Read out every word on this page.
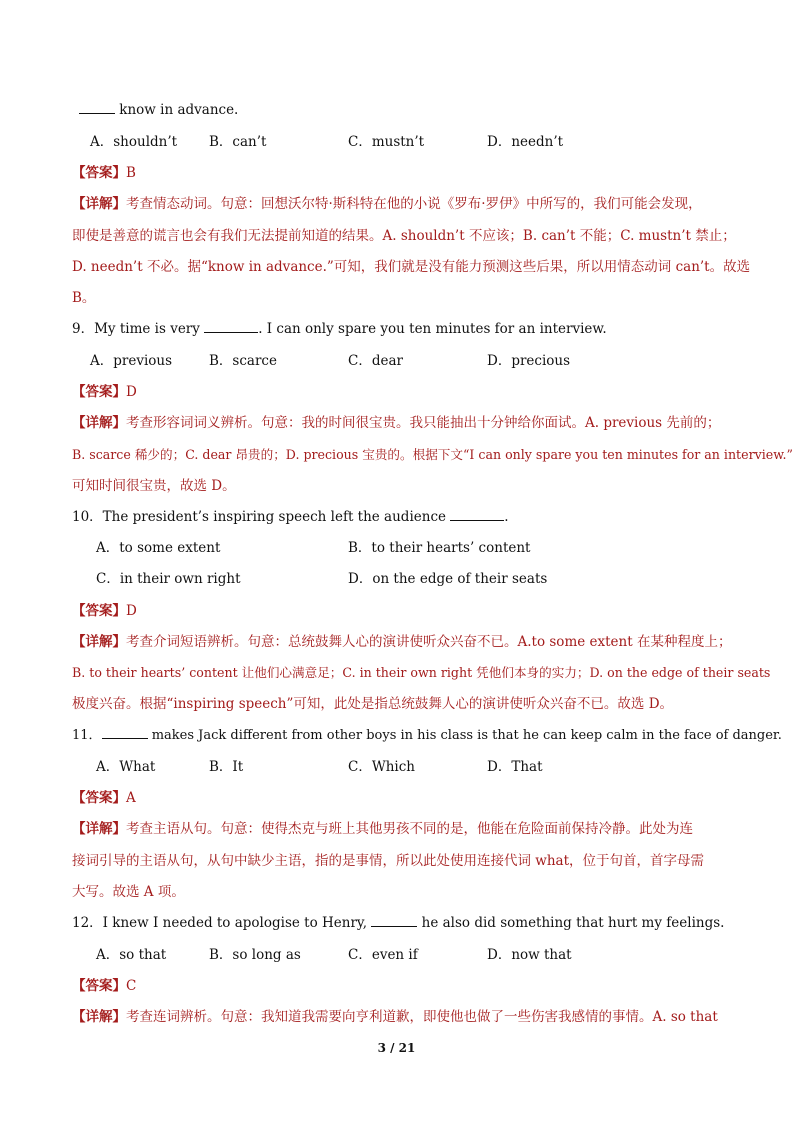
know in advance.
A．shouldn’t B．can’t	C．mustn’t	D．needn’t
【答案】B
【详解】考查情态动词。句意：回想沃尔特·斯科特在他的小说《罗布·罗伊》中所写的，我们可能会发现，
即使是善意的谎言也会有我们无法提前知道的结果。A. shouldn’t 不应该；B. can’t 不能；C. mustn’t 禁止；
D. needn’t 不必。据“know in advance.”可知，我们就是没有能力预测这些后果，所以用情态动词 can’t。故选
B。
9．My time is very	. I can only spare you ten minutes for an interview.
A．previous	B．scarce	C．dear	D．precious
【答案】D
【详解】考查形容词词义辨析。句意：我的时间很宝贵。我只能抽出十分钟给你面试。A. previous 先前的；
B. scarce 稀少的；C. dear 昂贵的；D. precious 宝贵的。根据下文“I can only spare you ten minutes for an interview.”
可知时间很宝贵，故选 D。
10．The president’s inspiring speech left the audience	.
A．to some extent	B．to their hearts’ content
C．in their own right	D．on the edge of their seats
【答案】D
【详解】考查介词短语辨析。句意：总统鼓舞人心的演讲使听众兴奋不已。A.to some extent 在某种程度上；
B. to their hearts’ content 让他们心满意足；C. in their own right 凭他们本身的实力；D. on the edge of their seats
极度兴奋。根据“inspiring speech”可知，此处是指总统鼓舞人心的演讲使听众兴奋不已。故选 D。
11．	makes Jack different from other boys in his class is that he can keep calm in the face of danger.
A．What	B．It	C．Which	D．That
【答案】A
【详解】考查主语从句。句意：使得杰克与班上其他男孩不同的是，他能在危险面前保持冷静。此处为连
接词引导的主语从句，从句中缺少主语，指的是事情，所以此处使用连接代词 what，位于句首，首字母需
大写。故选 A 项。
12．I knew I needed to apologise to Henry,	he also did something that hurt my feelings.
A．so that	B．so long as	C．even if	D．now that
【答案】C
【详解】考查连词辨析。句意：我知道我需要向亨利道歉，即使他也做了一些伤害我感情的事情。A. so that
3 / 21
